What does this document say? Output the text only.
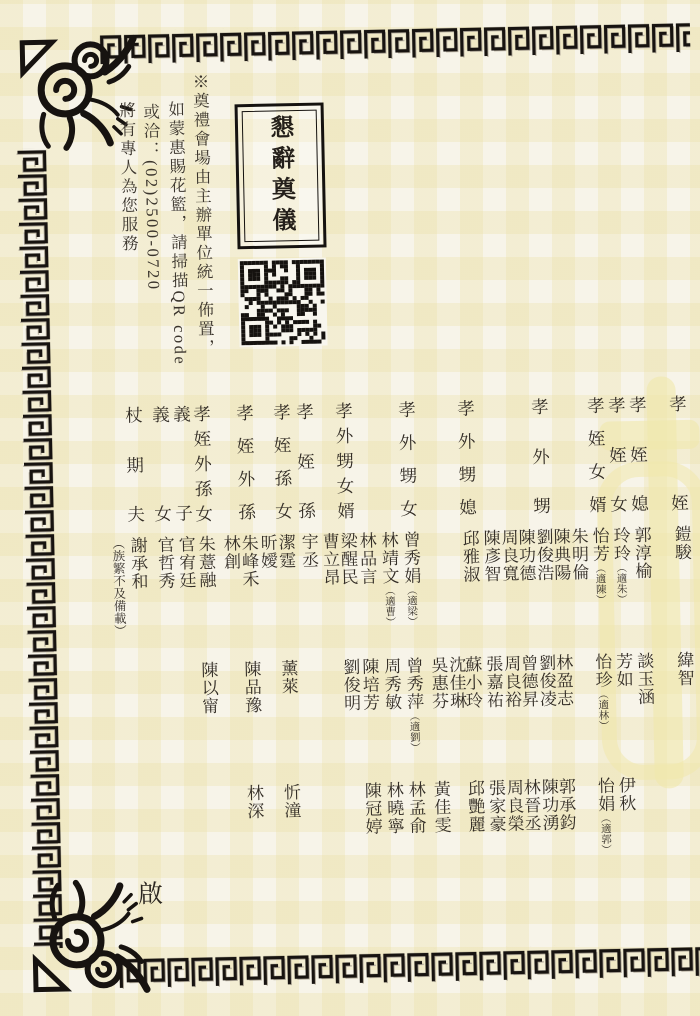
懇辭奠儀
※奠禮會場由主辦單位統一佈置，
如蒙惠賜花籃，請掃描QR code
或洽：(02)2500-0720
將有專人為您服務
孝
姪
鎧駿
緯智
孝
姪
媳
郭淳榆
談玉涵
孝
姪
女
玲玲（適朱）
芳如
伊秋
孝
姪
女
婿
怡芳（適陳）
怡珍（適林）
怡娟（適郭）
朱明倫
陳典陽
林盈志
郭承鈞
孝
外
甥
劉俊浩
劉俊凌
陳功湧
陳功德
曾德昇
林晉丞
周良寬
周良裕
周良榮
陳彥智
張嘉祐
張家豪
孝
外
甥
媳
邱雅淑
蘇小玲
邱艷麗
沈佳琳
吳惠芬
黃佳雯
孝
外
甥
女
曾秀娟（適梁）
曾秀萍（適劉）
林孟俞
林靖文（適曹）
周秀敏
林曉寧
林品言
陳培芳
陳冠婷
孝
外
甥
女
婿
梁醒民
劉俊明
曹立昂
孝
姪
孫
宇丞
孝
姪
孫
女
潔霆
薰萊
忻潼
昕嬡
孝
姪
外
孫
朱峰禾
陳品豫
林深
林創
孝
姪
外
孫
女
朱薏融
陳以甯
義
子
官宥廷
義
女
官哲秀
杖
期
夫
謝承和
（族繁不及備載）
啟
